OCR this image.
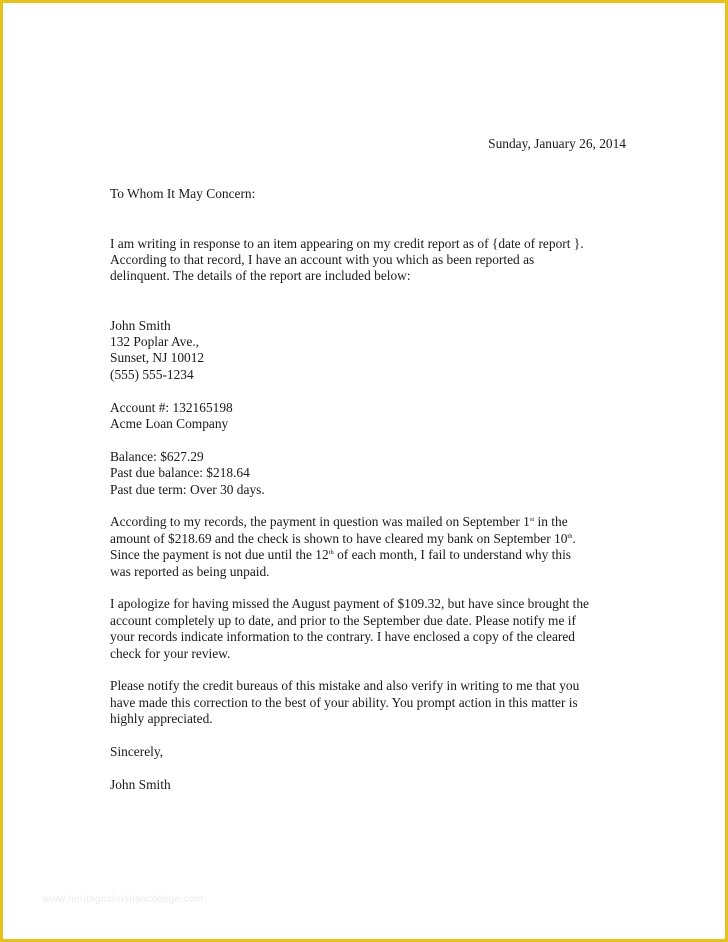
Sunday, January 26, 2014

To Whom It May Concern:

I am writing in response to an item appearing on my credit report as of {date of report }.
According to that record, I have an account with you which as been reported as
delinquent. The details of the report are included below:

John Smith
132 Poplar Ave.,
Sunset, NJ 10012
(555) 555-1234

Account #: 132165198
Acme Loan Company

Balance: $627.29
Past due balance: $218.64
Past due term: Over 30 days.

According to my records, the payment in question was mailed on September 1st in the
amount of $218.69 and the check is shown to have cleared my bank on September 10th.
Since the payment is not due until the 12th of each month, I fail to understand why this
was reported as being unpaid.

I apologize for having missed the August payment of $109.32, but have since brought the
account completely up to date, and prior to the September due date. Please notify me if
your records indicate information to the contrary. I have enclosed a copy of the cleared
check for your review.

Please notify the credit bureaus of this mistake and also verify in writing to me that you
have made this correction to the best of your ability. You prompt action in this matter is
highly appreciated.

Sincerely,

John Smith

www.heritagechristiancollege.com
